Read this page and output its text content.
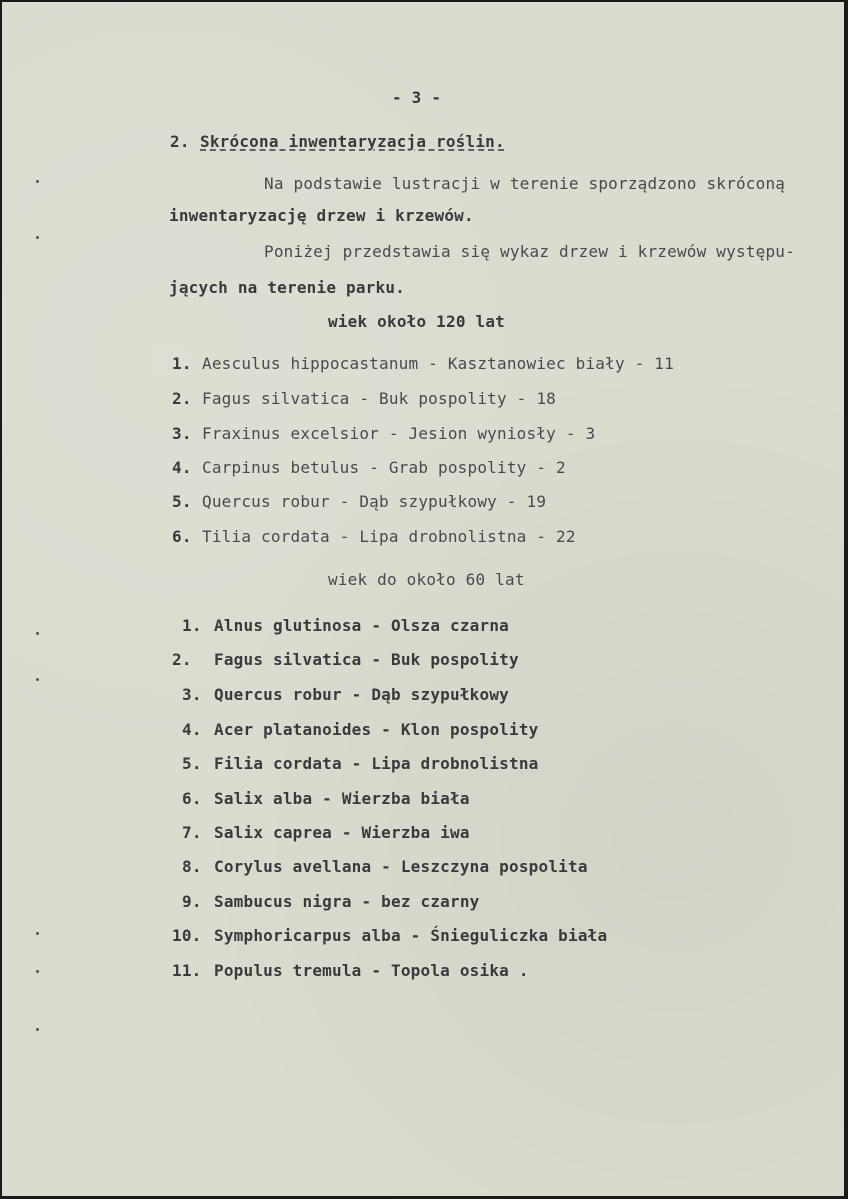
- 3 -
2. Skrócona inwentaryzacja roślin.
Na podstawie lustracji w terenie sporządzono skróconą
inwentaryzację drzew i krzewów.
Poniżej przedstawia się wykaz drzew i krzewów występu-
jących na terenie parku.
wiek około 120 lat
1. Aesculus hippocastanum - Kasztanowiec biały - 11
2. Fagus silvatica - Buk pospolity - 18
3. Fraxinus excelsior - Jesion wyniosły - 3
4. Carpinus betulus - Grab pospolity - 2
5. Quercus robur - Dąb szypułkowy - 19
6. Tilia cordata - Lipa drobnolistna - 22
wiek do około 60 lat
1. Alnus glutinosa - Olsza czarna
2. Fagus silvatica - Buk pospolity
3. Quercus robur - Dąb szypułkowy
4. Acer platanoides - Klon pospolity
5. Filia cordata - Lipa drobnolistna
6. Salix alba - Wierzba biała
7. Salix caprea - Wierzba iwa
8. Corylus avellana - Leszczyna pospolita
9. Sambucus nigra - bez czarny
10. Symphoricarpus alba - Śnieguliczka biała
11. Populus tremula - Topola osika .
